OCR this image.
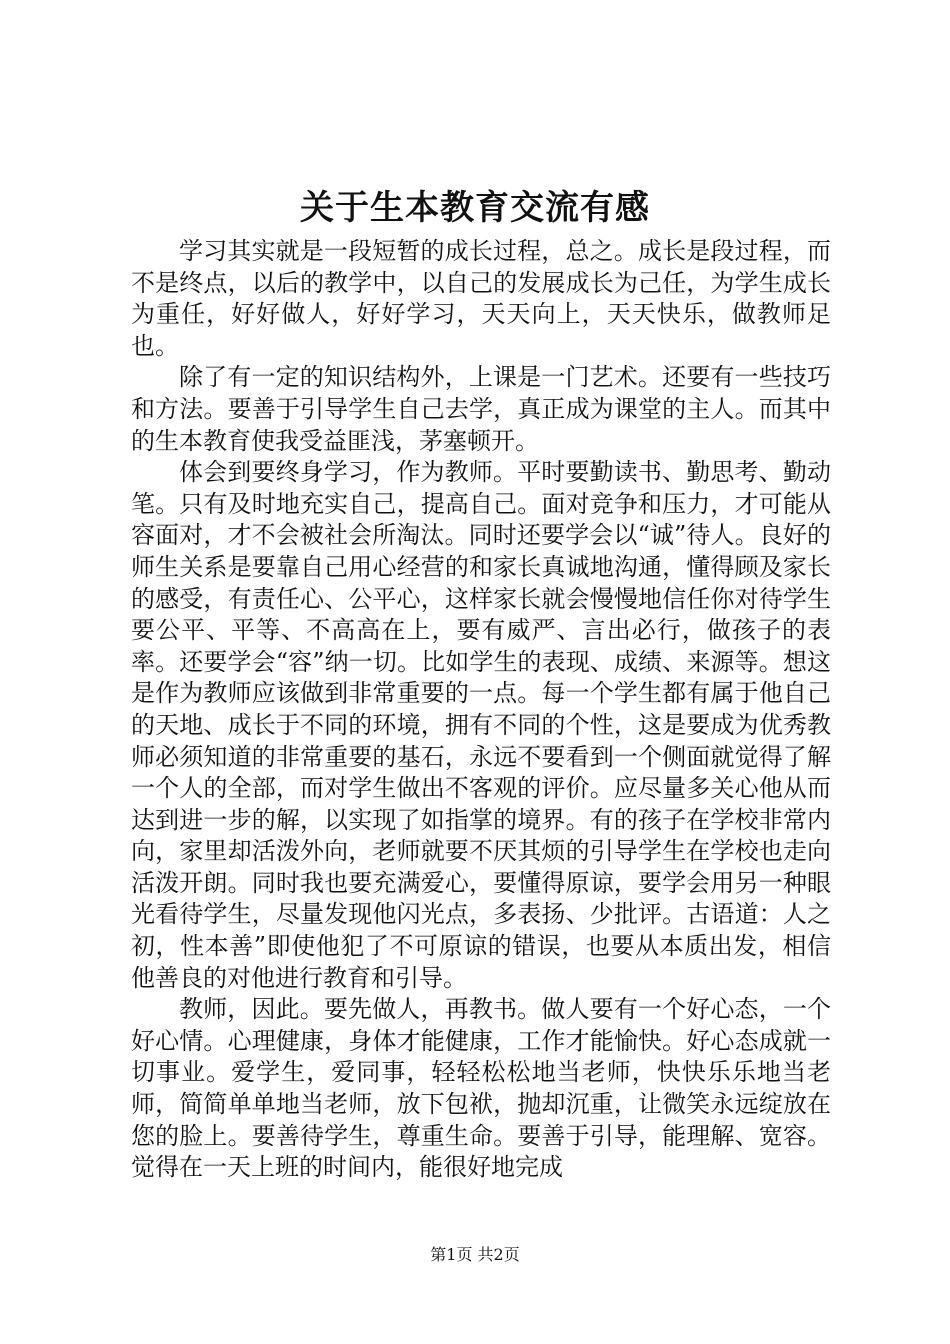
关于生本教育交流有感

学习其实就是一段短暂的成长过程，总之。成长是段过程，而不是终点，以后的教学中，以自己的发展成长为己任，为学生成长为重任，好好做人，好好学习，天天向上，天天快乐，做教师足也。

除了有一定的知识结构外，上课是一门艺术。还要有一些技巧和方法。要善于引导学生自己去学，真正成为课堂的主人。而其中的生本教育使我受益匪浅，茅塞顿开。

体会到要终身学习，作为教师。平时要勤读书、勤思考、勤动笔。只有及时地充实自己，提高自己。面对竞争和压力，才可能从容面对，才不会被社会所淘汰。同时还要学会以“诚”待人。良好的师生关系是要靠自己用心经营的和家长真诚地沟通，懂得顾及家长的感受，有责任心、公平心，这样家长就会慢慢地信任你对待学生要公平、平等、不高高在上，要有威严、言出必行，做孩子的表率。还要学会“容”纳一切。比如学生的表现、成绩、来源等。想这是作为教师应该做到非常重要的一点。每一个学生都有属于他自己的天地、成长于不同的环境，拥有不同的个性，这是要成为优秀教师必须知道的非常重要的基石，永远不要看到一个侧面就觉得了解一个人的全部，而对学生做出不客观的评价。应尽量多关心他从而达到进一步的解，以实现了如指掌的境界。有的孩子在学校非常内向，家里却活泼外向，老师就要不厌其烦的引导学生在学校也走向活泼开朗。同时我也要充满爱心，要懂得原谅，要学会用另一种眼光看待学生，尽量发现他闪光点，多表扬、少批评。古语道：人之初，性本善”即使他犯了不可原谅的错误，也要从本质出发，相信他善良的对他进行教育和引导。

教师，因此。要先做人，再教书。做人要有一个好心态，一个好心情。心理健康，身体才能健康，工作才能愉快。好心态成就一切事业。爱学生，爱同事，轻轻松松地当老师，快快乐乐地当老师，简简单单地当老师，放下包袱，抛却沉重，让微笑永远绽放在您的脸上。要善待学生，尊重生命。要善于引导，能理解、宽容。觉得在一天上班的时间内，能很好地完成

第1页 共2页
